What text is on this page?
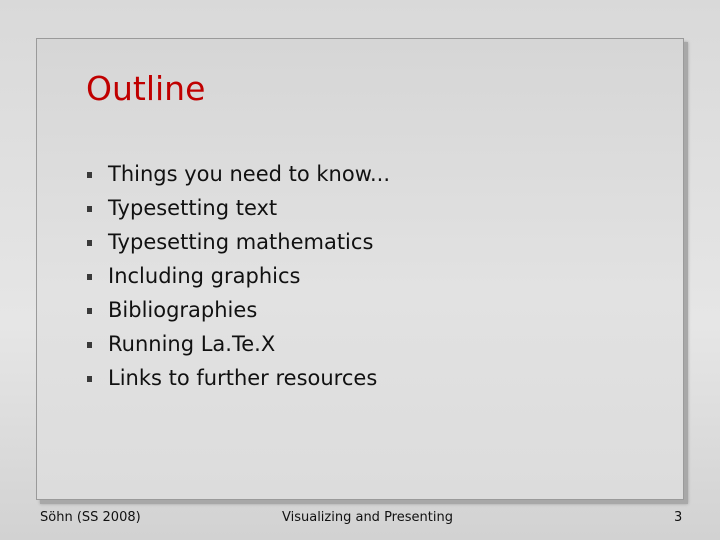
Outline
Things you need to know...
Typesetting text
Typesetting mathematics
Including graphics
Bibliographies
Running La.Te.X
Links to further resources
Söhn (SS 2008)	Visualizing and Presenting	3
